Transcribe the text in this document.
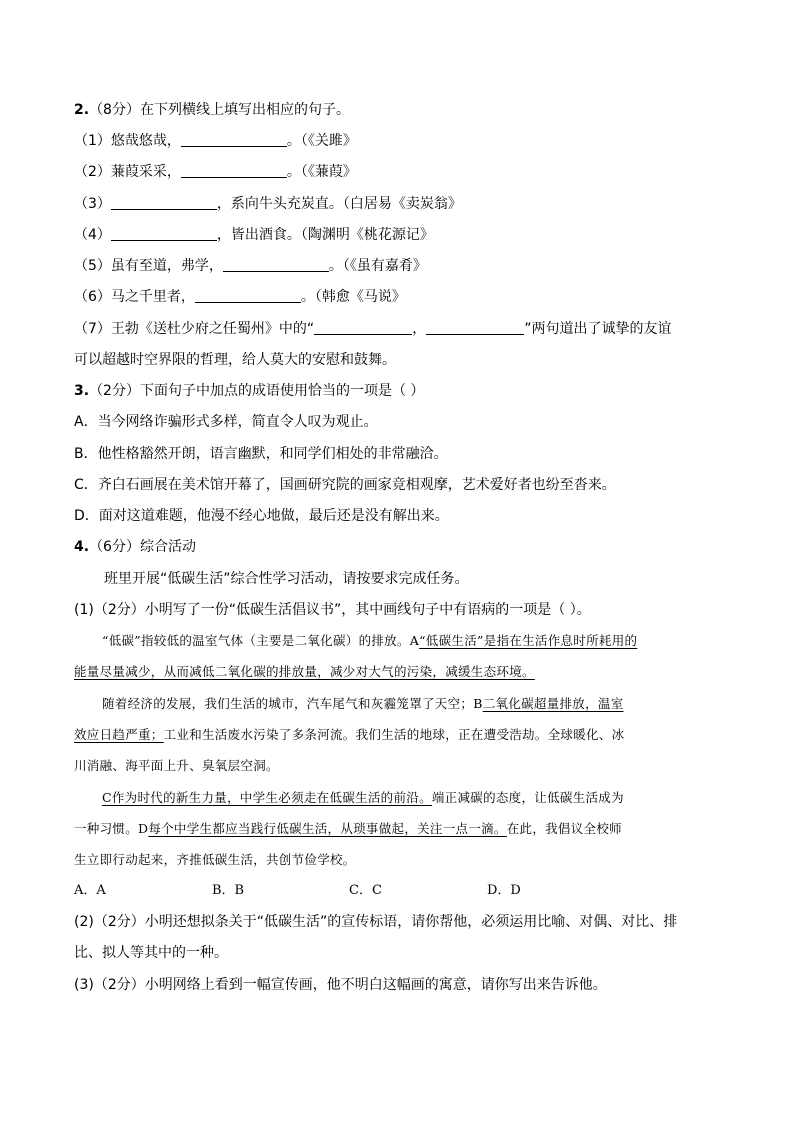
2.（8分）在下列横线上填写出相应的句子。
（1）悠哉悠哉，	。（《关雎》
（2）蒹葭采采，	。（《蒹葭》
（3）	，系向牛头充炭直。（白居易《卖炭翁》
（4）	，皆出酒食。（陶渊明《桃花源记》
（5）虽有至道，弗学，	。（《虽有嘉肴》
（6）马之千里者，	。（韩愈《马说》
（7）王勃《送杜少府之任蜀州》中的“	，	”两句道出了诚挚的友谊
可以超越时空界限的哲理，给人莫大的安慰和鼓舞。
3.（2分）下面句子中加点的成语使用恰当的一项是（ ）
A．当今网络诈骗形式多样，简直令人叹为观止。
B．他性格豁然开朗，语言幽默，和同学们相处的非常融洽。
C．齐白石画展在美术馆开幕了，国画研究院的画家竞相观摩，艺术爱好者也纷至沓来。
D．面对这道难题，他漫不经心地做，最后还是没有解出来。
4.（6分）综合活动
班里开展“低碳生活”综合性学习活动，请按要求完成任务。
(1)（2分）小明写了一份“低碳生活倡议书”，其中画线句子中有语病的一项是（ ）。
“低碳”指较低的温室气体（主要是二氧化碳）的排放。A“低碳生活”是指在生活作息时所耗用的
能量尽量减少，从而减低二氧化碳的排放量，减少对大气的污染，减缓生态环境。
随着经济的发展，我们生活的城市，汽车尾气和灰霾笼罩了天空；B二氧化碳超量排放，温室
效应日趋严重；工业和生活废水污染了多条河流。我们生活的地球，正在遭受浩劫。全球暖化、冰
川消融、海平面上升、臭氧层空洞。
C作为时代的新生力量，中学生必须走在低碳生活的前沿。端正减碳的态度，让低碳生活成为
一种习惯。D每个中学生都应当践行低碳生活，从琐事做起，关注一点一滴。在此，我倡议全校师
生立即行动起来，齐推低碳生活，共创节俭学校。
A．A	B．B	C．C	D．D
(2)（2分）小明还想拟条关于“低碳生活”的宣传标语，请你帮他，必须运用比喻、对偶、对比、排
比、拟人等其中的一种。
(3)（2分）小明网络上看到一幅宣传画，他不明白这幅画的寓意，请你写出来告诉他。
